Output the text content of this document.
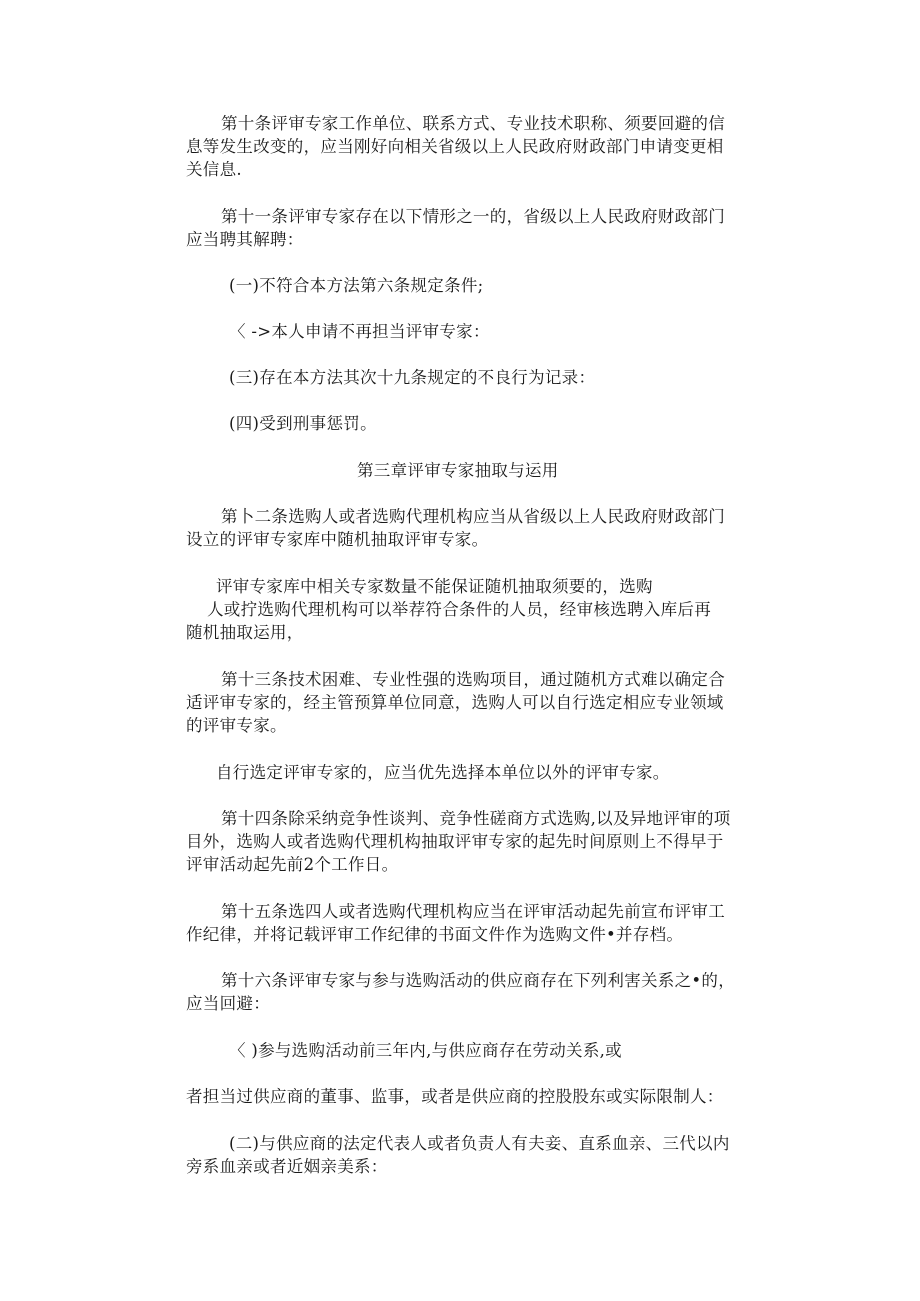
第十条评审专家工作单位、联系方式、专业技术职称、须要回避的信
息等发生改变的，应当刚好向相关省级以上人民政府财政部门申请变更相
关信息.
第十一条评审专家存在以下情形之一的，省级以上人民政府财政部门
应当聘其解聘：
(一)不符合本方法第六条规定条件;
〈 ->本人申请不再担当评审专家：
(三)存在本方法其次十九条规定的不良行为记录：
(四)受到刑事惩罚。
第三章评审专家抽取与运用
第卜二条选购人或者选购代理机构应当从省级以上人民政府财政部门
设立的评审专家库中随机抽取评审专家。
评审专家库中相关专家数量不能保证随机抽取须要的，选购
人或拧选购代理机构可以举荐符合条件的人员，经审核选聘入库后再
随机抽取运用，
第十三条技术困难、专业性强的选购项目，通过随机方式难以确定合
适评审专家的，经主管预算单位同意，选购人可以自行选定相应专业领域
的评审专家。
自行选定评审专家的，应当优先选择本单位以外的评审专家。
第十四条除采纳竞争性谈判、竞争性磋商方式选购,以及异地评审的项
目外，选购人或者选购代理机构抽取评审专家的起先时间原则上不得早于
评审活动起先前2个工作日。
第十五条选四人或者选购代理机构应当在评审活动起先前宣布评审工
作纪律，并将记载评审工作纪律的书面文件作为选购文件•并存档。
第十六条评审专家与参与选购活动的供应商存在下列利害关系之•的，
应当回避：
〈 )参与选购活动前三年内,与供应商存在劳动关系,或
者担当过供应商的董事、监事，或者是供应商的控股股东或实际限制人：
(二)与供应商的法定代表人或者负责人有夫妾、直系血亲、三代以内
旁系血亲或者近姻亲美系：
